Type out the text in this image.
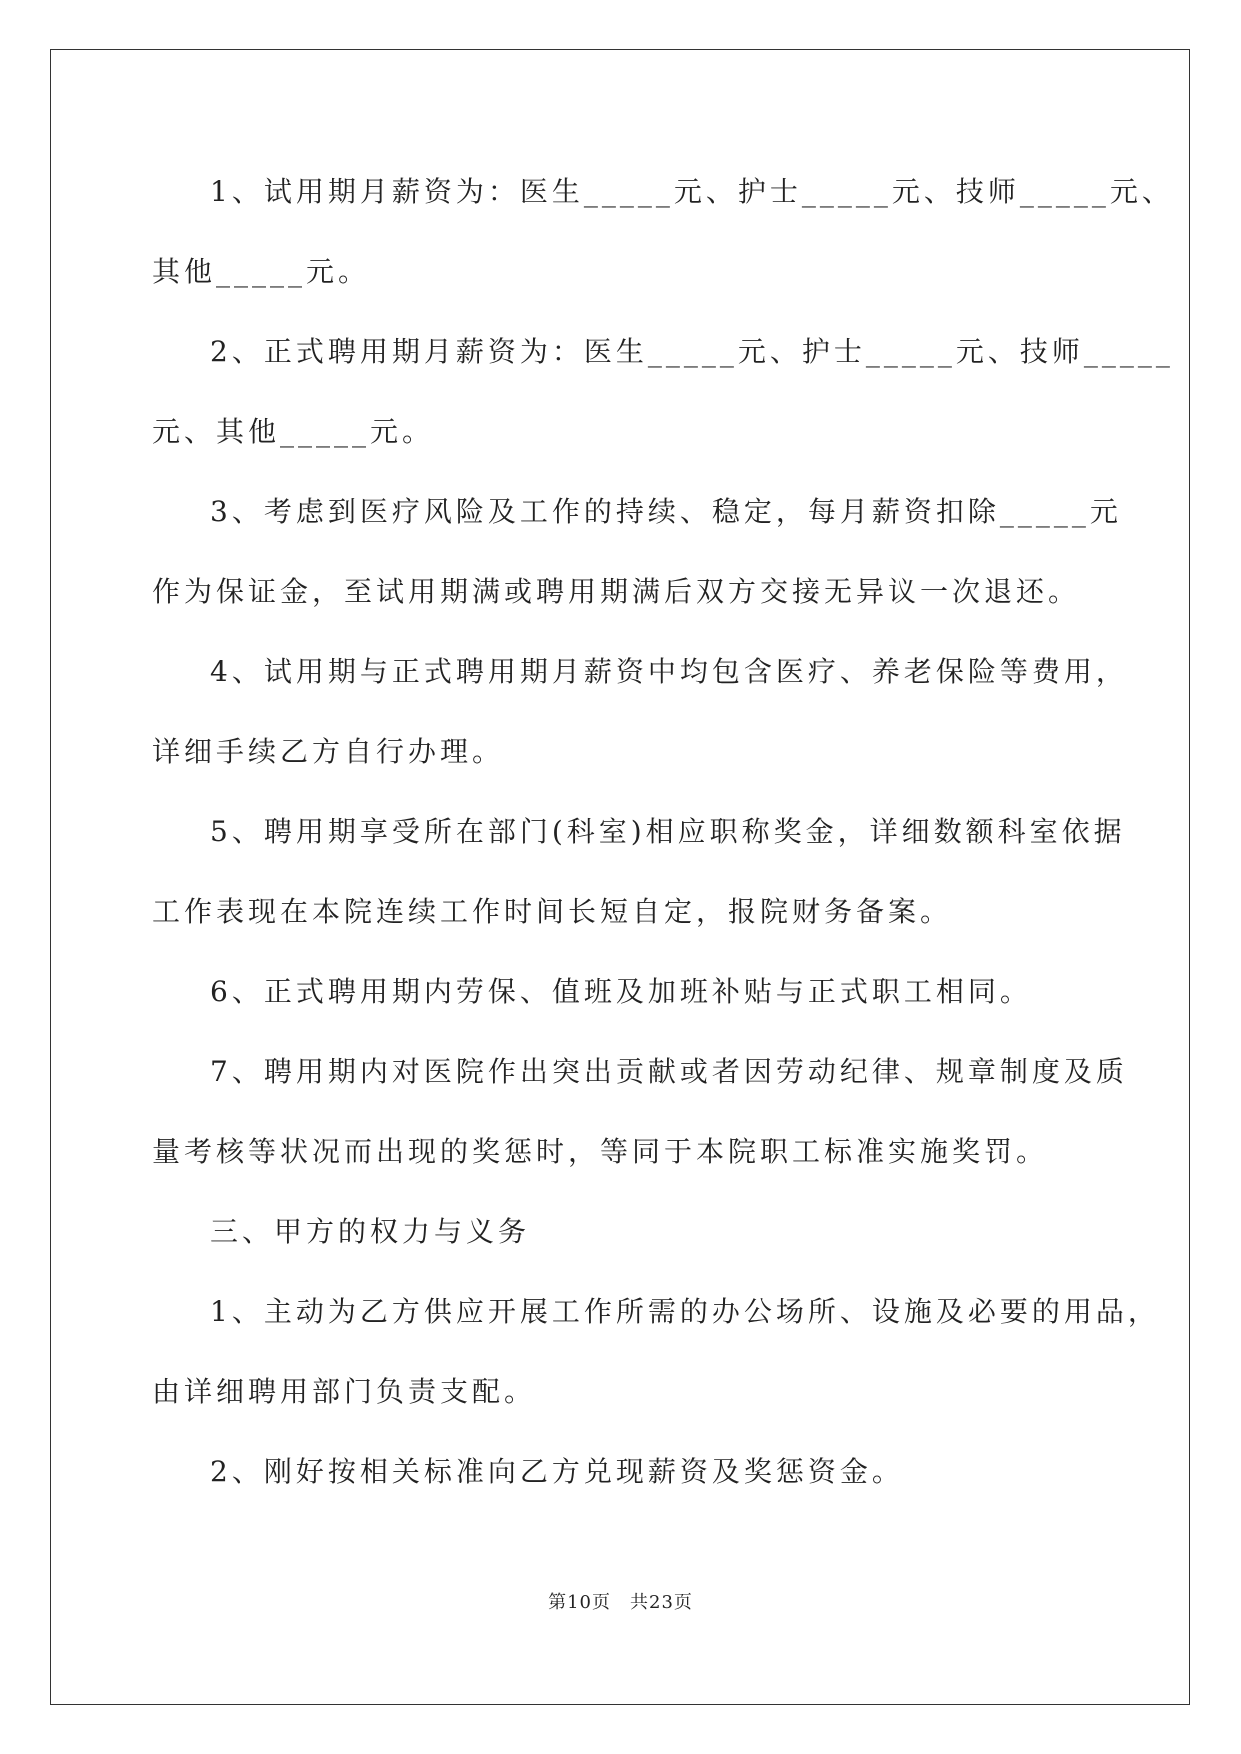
1、试用期月薪资为：医生_____元、护士_____元、技师_____元、
其他_____元。
2、正式聘用期月薪资为：医生_____元、护士_____元、技师_____
元、其他_____元。
3、考虑到医疗风险及工作的持续、稳定，每月薪资扣除_____元
作为保证金，至试用期满或聘用期满后双方交接无异议一次退还。
4、试用期与正式聘用期月薪资中均包含医疗、养老保险等费用，
详细手续乙方自行办理。
5、聘用期享受所在部门(科室)相应职称奖金，详细数额科室依据
工作表现在本院连续工作时间长短自定，报院财务备案。
6、正式聘用期内劳保、值班及加班补贴与正式职工相同。
7、聘用期内对医院作出突出贡献或者因劳动纪律、规章制度及质
量考核等状况而出现的奖惩时，等同于本院职工标准实施奖罚。
三、甲方的权力与义务
1、主动为乙方供应开展工作所需的办公场所、设施及必要的用品，
由详细聘用部门负责支配。
2、刚好按相关标准向乙方兑现薪资及奖惩资金。
第10页　共23页
